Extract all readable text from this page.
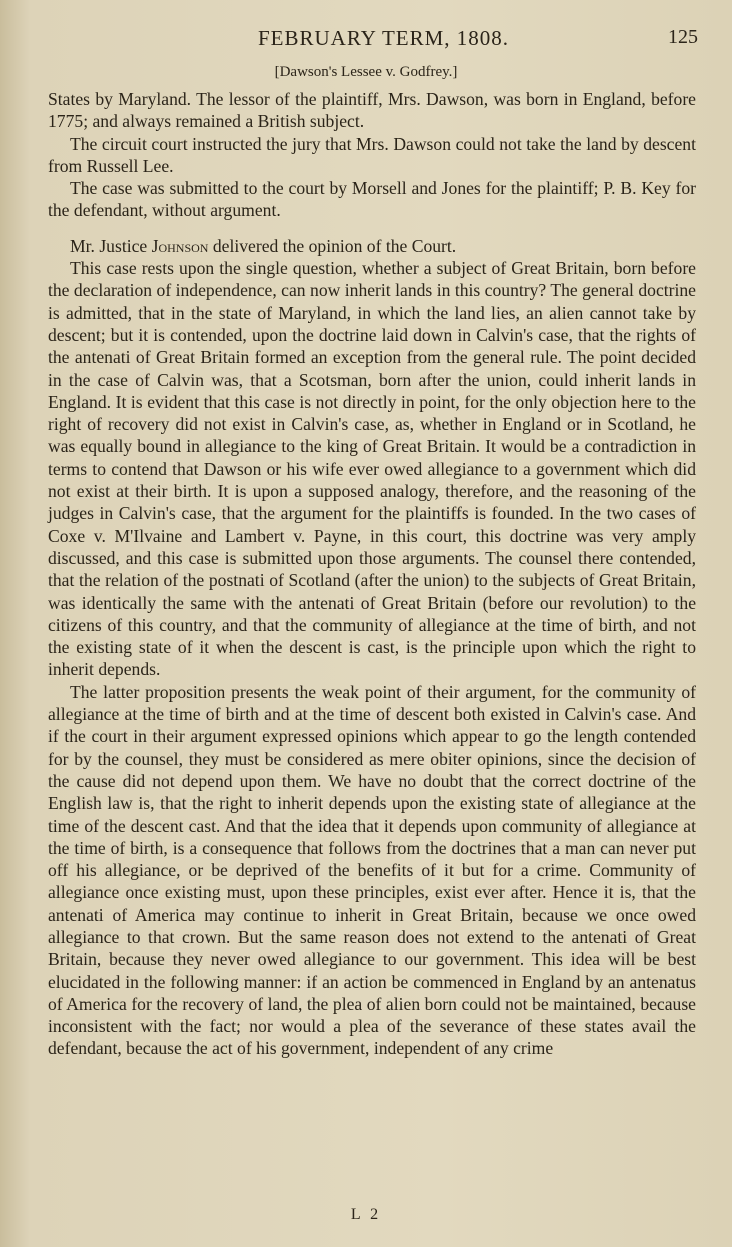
FEBRUARY TERM, 1808.	125
[Dawson's Lessee v. Godfrey.]

States by Maryland. The lessor of the plaintiff, Mrs. Dawson, was born in England, before 1775; and always remained a British subject.

The circuit court instructed the jury that Mrs. Dawson could not take the land by descent from Russell Lee.

The case was submitted to the court by Morsell and Jones for the plaintiff; P. B. Key for the defendant, without argument.

Mr. Justice Johnson delivered the opinion of the Court.

This case rests upon the single question, whether a subject of Great Britain, born before the declaration of independence, can now inherit lands in this country? The general doctrine is admitted, that in the state of Maryland, in which the land lies, an alien cannot take by descent; but it is contended, upon the doctrine laid down in Calvin's case, that the rights of the antenati of Great Britain formed an exception from the general rule. The point decided in the case of Calvin was, that a Scotsman, born after the union, could inherit lands in England. It is evident that this case is not directly in point, for the only objection here to the right of recovery did not exist in Calvin's case, as, whether in England or in Scotland, he was equally bound in allegiance to the king of Great Britain. It would be a contradiction in terms to contend that Dawson or his wife ever owed allegiance to a government which did not exist at their birth. It is upon a supposed analogy, therefore, and the reasoning of the judges in Calvin's case, that the argument for the plaintiffs is founded. In the two cases of Coxe v. M'Ilvaine and Lambert v. Payne, in this court, this doctrine was very amply discussed, and this case is submitted upon those arguments. The counsel there contended, that the relation of the postnati of Scotland (after the union) to the subjects of Great Britain, was identically the same with the antenati of Great Britain (before our revolution) to the citizens of this country, and that the community of allegiance at the time of birth, and not the existing state of it when the descent is cast, is the principle upon which the right to inherit depends.

The latter proposition presents the weak point of their argument, for the community of allegiance at the time of birth and at the time of descent both existed in Calvin's case. And if the court in their argument expressed opinions which appear to go the length contended for by the counsel, they must be considered as mere obiter opinions, since the decision of the cause did not depend upon them. We have no doubt that the correct doctrine of the English law is, that the right to inherit depends upon the existing state of allegiance at the time of the descent cast. And that the idea that it depends upon community of allegiance at the time of birth, is a consequence that follows from the doctrines that a man can never put off his allegiance, or be deprived of the benefits of it but for a crime. Community of allegiance once existing must, upon these principles, exist ever after. Hence it is, that the antenati of America may continue to inherit in Great Britain, because we once owed allegiance to that crown. But the same reason does not extend to the antenati of Great Britain, because they never owed allegiance to our government. This idea will be best elucidated in the following manner: if an action be commenced in England by an antenatus of America for the recovery of land, the plea of alien born could not be maintained, because inconsistent with the fact; nor would a plea of the severance of these states avail the defendant, because the act of his government, independent of any crime

L 2
